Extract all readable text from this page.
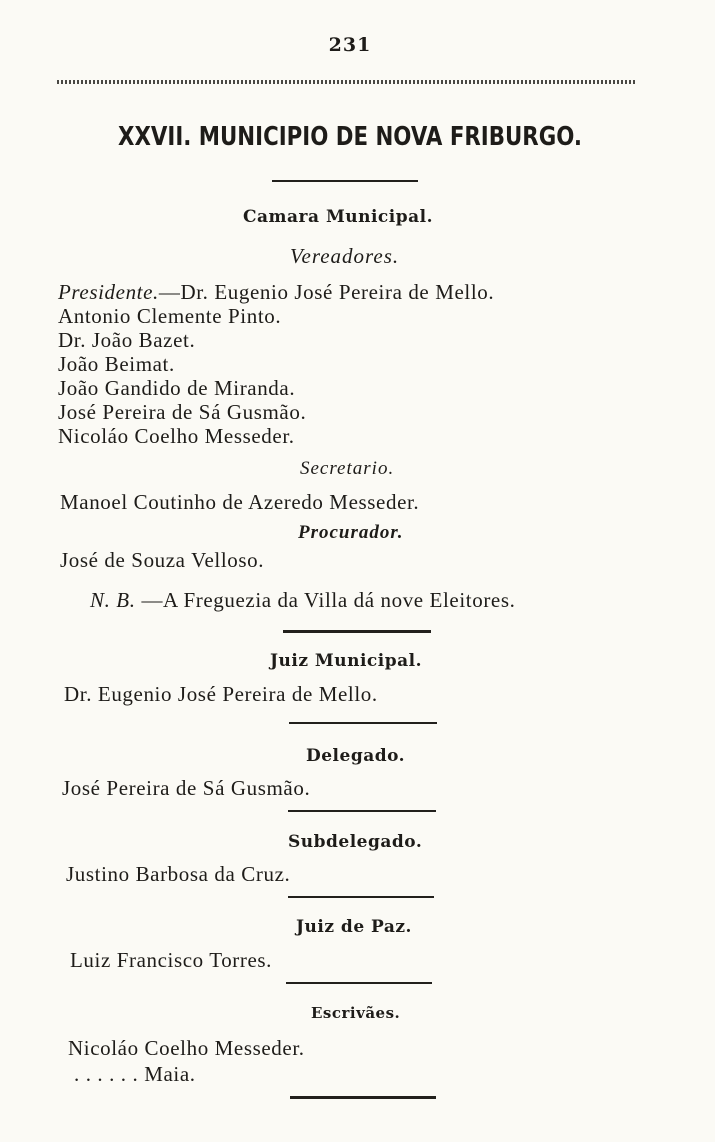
231
XXVII. MUNICIPIO DE NOVA FRIBURGO.
Camara Municipal.
Vereadores.
Presidente.—Dr. Eugenio José Pereira de Mello.
Antonio Clemente Pinto.
Dr. João Bazet.
João Beimat.
João Gandido de Miranda.
José Pereira de Sá Gusmão.
Nicoláo Coelho Messeder.
Secretario.
Manoel Coutinho de Azeredo Messeder.
Procurador.
José de Souza Velloso.
N. B. —A Freguezia da Villa dá nove Eleitores.
Juiz Municipal.
Dr. Eugenio José Pereira de Mello.
Delegado.
José Pereira de Sá Gusmão.
Subdelegado.
Justino Barbosa da Cruz.
Juiz de Paz.
Luiz Francisco Torres.
Escrivães.
Nicoláo Coelho Messeder.
. . . . . . Maia.
